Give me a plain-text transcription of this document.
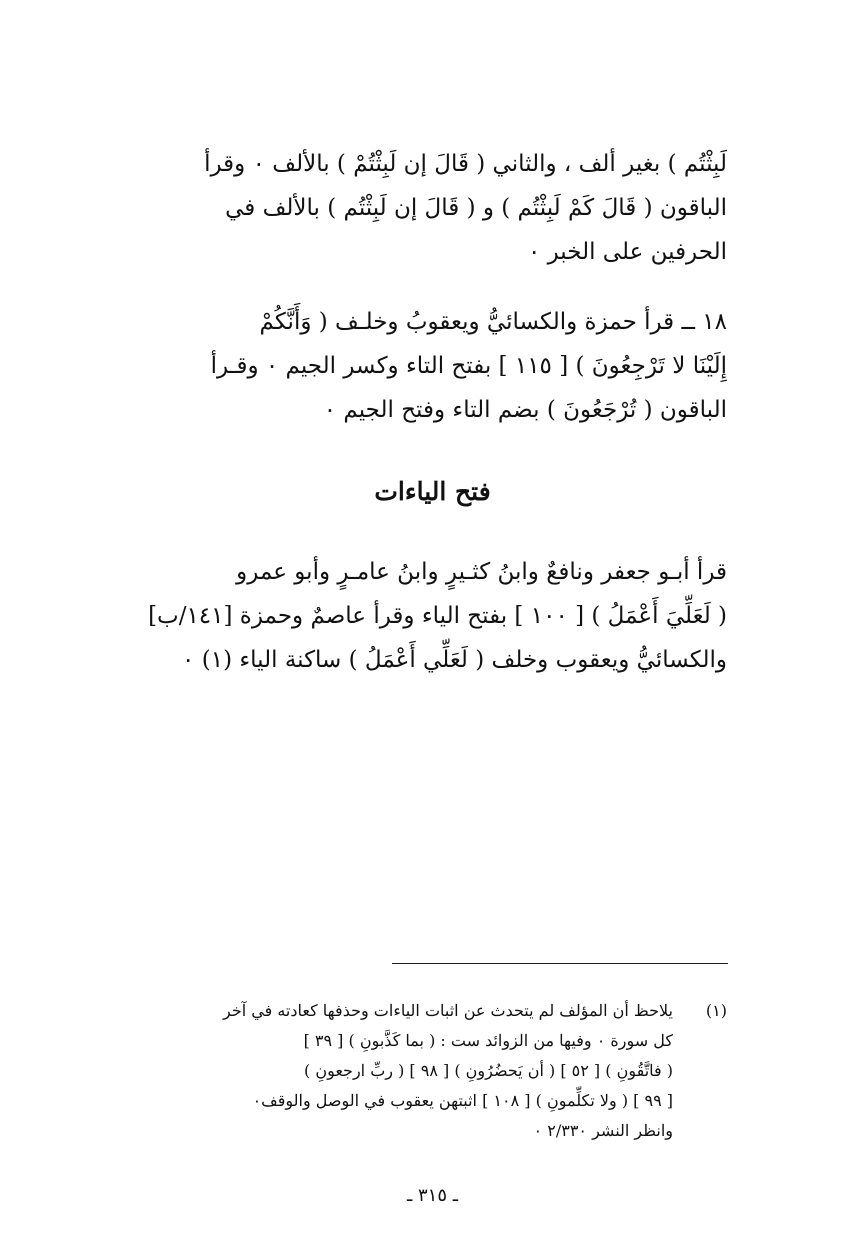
لَبِثْتُم ) بغير ألف ، والثاني ( قَالَ إن لَبِثْتُمْ ) بالألف ٠ وقرأ
الباقون ( قَالَ كَمْ لَبِثْتُم ) و ( قَالَ إن لَبِثْتُم ) بالألف في
الحرفين على الخبر ٠
١٨ ــ قرأ حمزة والكسائيُّ ويعقوبُ وخلـف ( وَأَنَّكُمْ
إِلَيْنَا لا تَرْجِعُونَ ) [ ١١٥ ] بفتح التاء وكسر الجيم ٠ وقـرأ
الباقون ( تُرْجَعُونَ ) بضم التاء وفتح الجيم ٠
فتح الياءات
قرأ أبـو جعفر ونافعٌ وابنُ كثـيرٍ وابنُ عامـرٍ وأبو عمرو
( لَعَلِّيَ أَعْمَلُ ) [ ١٠٠ ] بفتح الياء وقرأ عاصمٌ وحمزة [١٤١/ب]
والكسائيُّ ويعقوب وخلف ( لَعَلِّي أَعْمَلُ ) ساكنة الياء (١) ٠
(١)
يلاحظ أن المؤلف لم يتحدث عن اثبات الياءات وحذفها كعادته في آخر
كل سورة ٠ وفيها من الزوائد ست : ( بما كَذَّبونِ ) [ ٣٩ ]
( فاتَّقُونِ ) [ ٥٢ ] ( أن يَحضُرُونِ ) [ ٩٨ ] ( ربِّ ارجعونِ )
[ ٩٩ ] ( ولا تكلِّمونِ ) [ ١٠٨ ] اثبتهن يعقوب في الوصل والوقف٠
وانظر النشر ٢/٣٣٠ ٠
ـ ٣١٥ ـ
